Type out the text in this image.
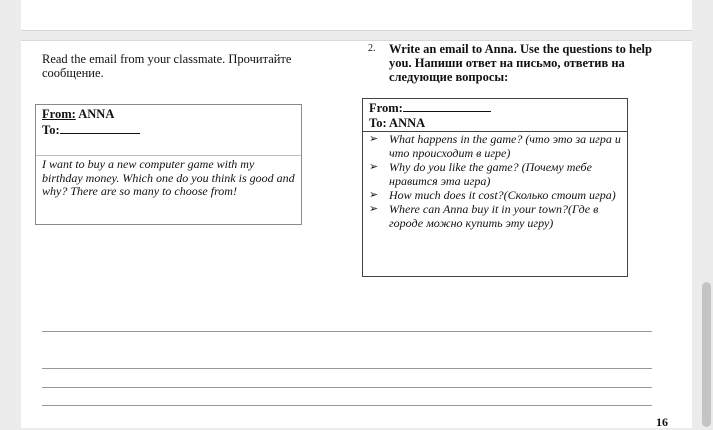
Read the email from your classmate. Прочитайте сообщение.
From: ANNA
To:
I want to buy a new computer game with my birthday money. Which one do you think is good and why? There are so many to choose from!
2. Write an email to Anna. Use the questions to help you. Напиши ответ на письмо, ответив на следующие вопросы:
From:
To: ANNA
➢ What happens in the game? (что это за игра и что происходит в игре)
➢ Why do you like the game? (Почему тебе нравится эта игра)
➢ How much does it cost?(Сколько стоит игра)
➢ Where can Anna buy it in your town?(Где в городе можно купить эту игру)
16
